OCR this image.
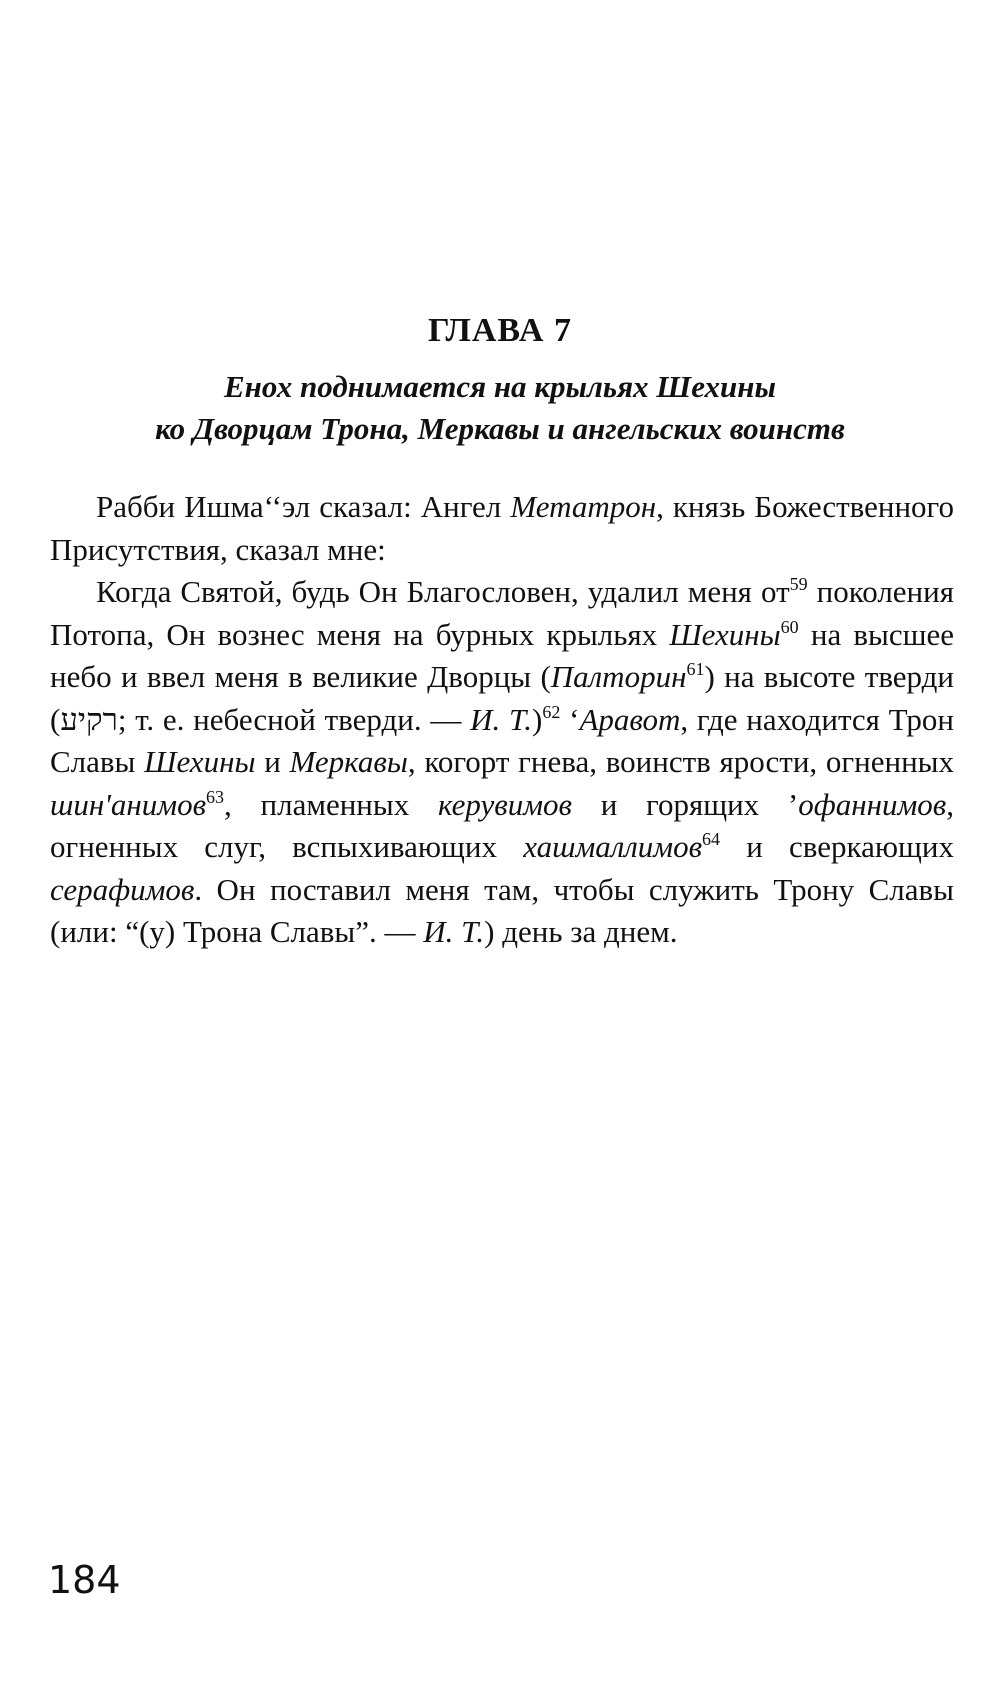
ГЛАВА 7
Енох поднимается на крыльях Шехины
ко Дворцам Трона, Меркавы и ангельских воинств

Рабби Ишма‘‘эл сказал: Ангел Метатрон, князь Божественного Присутствия, сказал мне:

Когда Святой, будь Он Благословен, удалил меня $от^{59}$ поколения Потопа, Он вознес меня на бурных крыльях Шехины$^{60}$ на высшее небо и ввел меня в великие Дворцы (Палторин$^{61}$) на высоте тверди (רקיע; т. е. небесной тверди. — И. Т.)$^{62}$ ‘Аравот, где находится Трон Славы Шехины и Меркавы, когорт гнева, воинств ярости, огненных шин'анимов$^{63}$, пламенных керувимов и горящих ’офаннимов, огненных слуг, вспыхивающих хашмаллимов$^{64}$ и сверкающих серафимов. Он поставил меня там, чтобы служить Трону Славы (или: “(у) Трона Славы”. — И. Т.) день за днем.

184
